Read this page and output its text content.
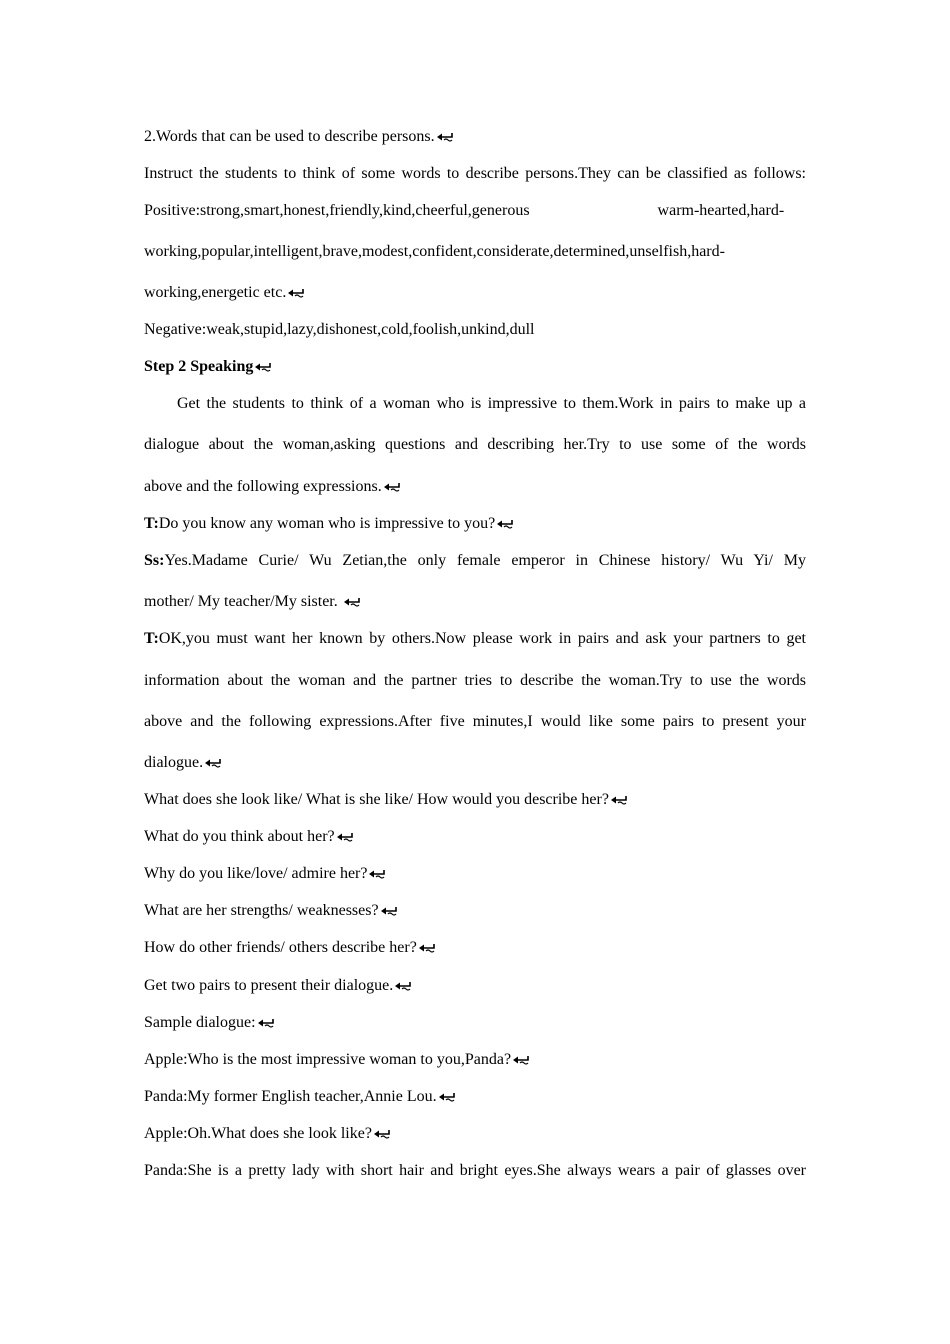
2.Words that can be used to describe persons.
Instruct the students to think of some words to describe persons.They can be classified as follows:
Positive:strong,smart,honest,friendly,kind,cheerful,generous	warm-hearted,hard-
working,popular,intelligent,brave,modest,confident,considerate,determined,unselfish,hard-
working,energetic etc.
Negative:weak,stupid,lazy,dishonest,cold,foolish,unkind,dull
Step 2 Speaking
Get the students to think of a woman who is impressive to them.Work in pairs to make up a
dialogue about the woman,asking questions and describing her.Try to use some of the words
above and the following expressions.
T:Do you know any woman who is impressive to you?
Ss:Yes.Madame Curie/ Wu Zetian,the only female emperor in Chinese history/ Wu Yi/ My
mother/ My teacher/My sister.
T:OK,you must want her known by others.Now please work in pairs and ask your partners to get
information about the woman and the partner tries to describe the woman.Try to use the words
above and the following expressions.After five minutes,I would like some pairs to present your
dialogue.
What does she look like/ What is she like/ How would you describe her?
What do you think about her?
Why do you like/love/ admire her?
What are her strengths/ weaknesses?
How do other friends/ others describe her?
Get two pairs to present their dialogue.
Sample dialogue:
Apple:Who is the most impressive woman to you,Panda?
Panda:My former English teacher,Annie Lou.
Apple:Oh.What does she look like?
Panda:She is a pretty lady with short hair and bright eyes.She always wears a pair of glasses over
